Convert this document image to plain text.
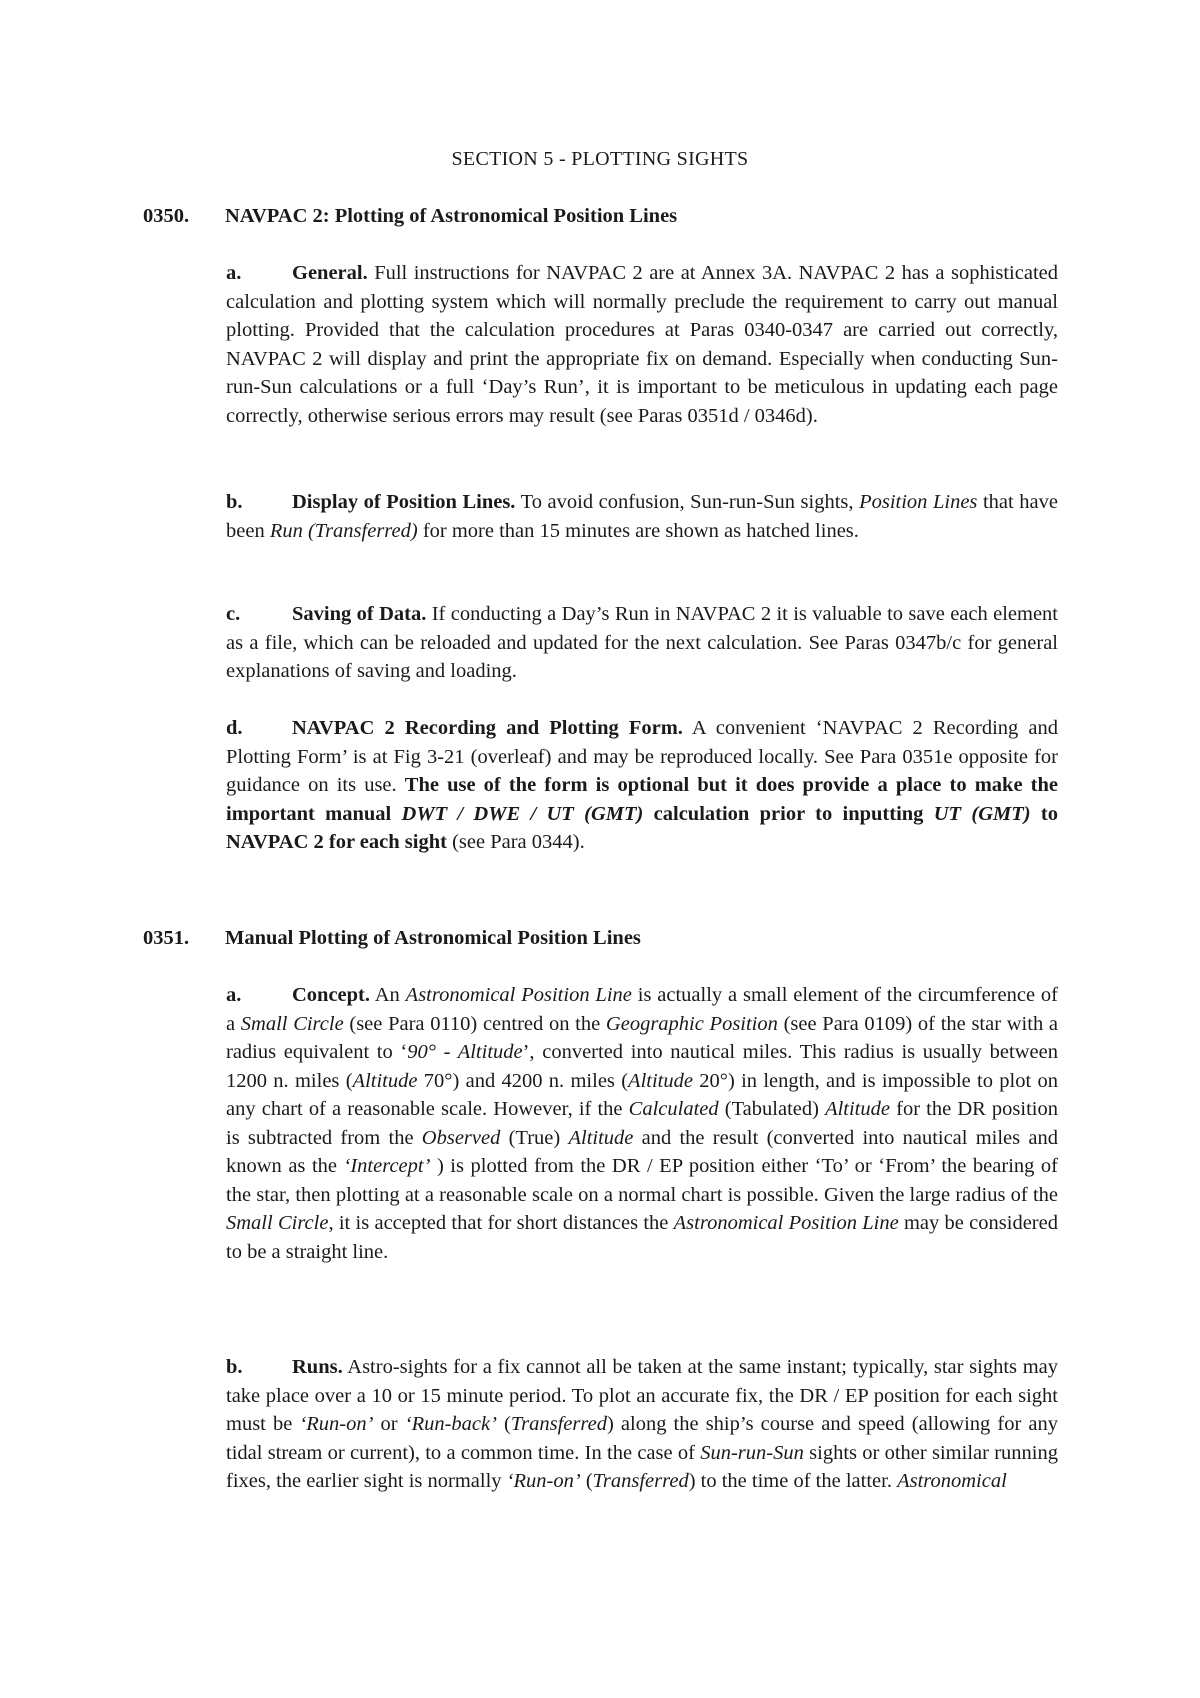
SECTION 5 - PLOTTING SIGHTS
0350. NAVPAC 2: Plotting of Astronomical Position Lines
a. General. Full instructions for NAVPAC 2 are at Annex 3A. NAVPAC 2 has a sophisticated calculation and plotting system which will normally preclude the requirement to carry out manual plotting. Provided that the calculation procedures at Paras 0340-0347 are carried out correctly, NAVPAC 2 will display and print the appropriate fix on demand. Especially when conducting Sun-run-Sun calculations or a full ‘Day’s Run’, it is important to be meticulous in updating each page correctly, otherwise serious errors may result (see Paras 0351d / 0346d).
b. Display of Position Lines. To avoid confusion, Sun-run-Sun sights, Position Lines that have been Run (Transferred) for more than 15 minutes are shown as hatched lines.
c.	Saving of Data. If conducting a Day’s Run in NAVPAC 2 it is valuable to save each element as a file, which can be reloaded and updated for the next calculation. See Paras 0347b/c for general explanations of saving and loading.
d. NAVPAC 2 Recording and Plotting Form. A convenient ‘NAVPAC 2 Recording and Plotting Form’ is at Fig 3-21 (overleaf) and may be reproduced locally. See Para 0351e opposite for guidance on its use. The use of the form is optional but it does provide a place to make the important manual DWT / DWE / UT (GMT) calculation prior to inputting UT (GMT) to NAVPAC 2 for each sight (see Para 0344).
0351. Manual Plotting of Astronomical Position Lines
a. Concept. An Astronomical Position Line is actually a small element of the circumference of a Small Circle (see Para 0110) centred on the Geographic Position (see Para 0109) of the star with a radius equivalent to ‘90° - Altitude’, converted into nautical miles. This radius is usually between 1200 n. miles (Altitude 70°) and 4200 n. miles (Altitude 20°) in length, and is impossible to plot on any chart of a reasonable scale. However, if the Calculated (Tabulated) Altitude for the DR position is subtracted from the Observed (True) Altitude and the result (converted into nautical miles and known as the ‘Intercept’ ) is plotted from the DR / EP position either ‘To’ or ‘From’ the bearing of the star, then plotting at a reasonable scale on a normal chart is possible. Given the large radius of the Small Circle, it is accepted that for short distances the Astronomical Position Line may be considered to be a straight line.
b. Runs. Astro-sights for a fix cannot all be taken at the same instant; typically, star sights may take place over a 10 or 15 minute period. To plot an accurate fix, the DR / EP position for each sight must be ‘Run-on’ or ‘Run-back’ (Transferred) along the ship’s course and speed (allowing for any tidal stream or current), to a common time. In the case of Sun-run-Sun sights or other similar running fixes, the earlier sight is normally ‘Run-on’ (Transferred) to the time of the latter. Astronomical
